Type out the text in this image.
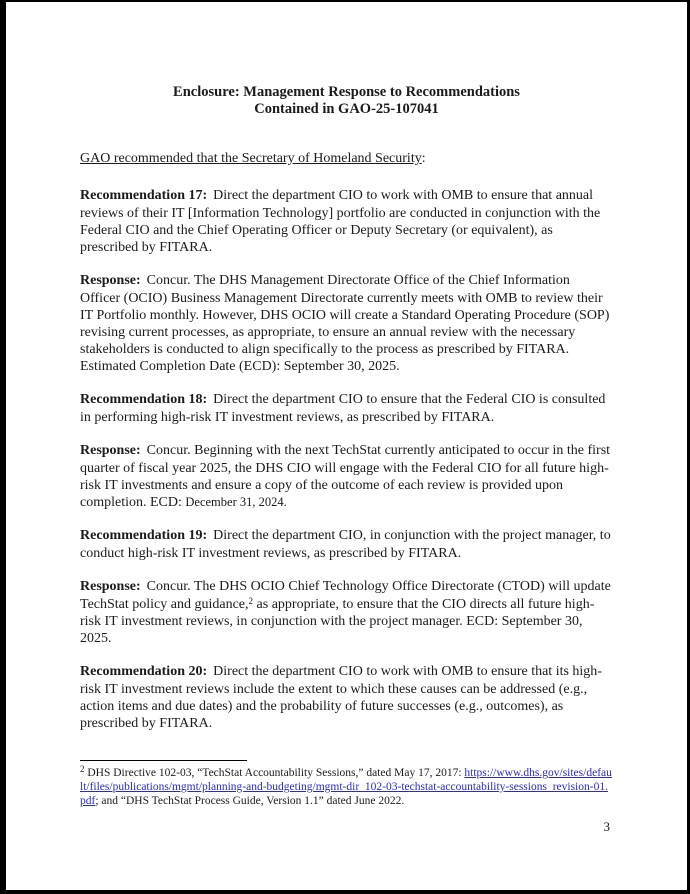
Enclosure: Management Response to Recommendations
Contained in GAO-25-107041

GAO recommended that the Secretary of Homeland Security:

Recommendation 17: Direct the department CIO to work with OMB to ensure that annual reviews of their IT [Information Technology] portfolio are conducted in conjunction with the Federal CIO and the Chief Operating Officer or Deputy Secretary (or equivalent), as prescribed by FITARA.

Response: Concur. The DHS Management Directorate Office of the Chief Information Officer (OCIO) Business Management Directorate currently meets with OMB to review their IT Portfolio monthly. However, DHS OCIO will create a Standard Operating Procedure (SOP) revising current processes, as appropriate, to ensure an annual review with the necessary stakeholders is conducted to align specifically to the process as prescribed by FITARA. Estimated Completion Date (ECD): September 30, 2025.

Recommendation 18: Direct the department CIO to ensure that the Federal CIO is consulted in performing high-risk IT investment reviews, as prescribed by FITARA.

Response: Concur. Beginning with the next TechStat currently anticipated to occur in the first quarter of fiscal year 2025, the DHS CIO will engage with the Federal CIO for all future high-risk IT investments and ensure a copy of the outcome of each review is provided upon completion. ECD: December 31, 2024.

Recommendation 19: Direct the department CIO, in conjunction with the project manager, to conduct high-risk IT investment reviews, as prescribed by FITARA.

Response: Concur. The DHS OCIO Chief Technology Office Directorate (CTOD) will update TechStat policy and guidance,$^2$ as appropriate, to ensure that the CIO directs all future high-risk IT investment reviews, in conjunction with the project manager. ECD: September 30, 2025.

Recommendation 20: Direct the department CIO to work with OMB to ensure that its high-risk IT investment reviews include the extent to which these causes can be addressed (e.g., action items and due dates) and the probability of future successes (e.g., outcomes), as prescribed by FITARA.

$^2$ DHS Directive 102-03, “TechStat Accountability Sessions,” dated May 17, 2017: https://www.dhs.gov/sites/default/files/publications/mgmt/planning-and-budgeting/mgmt-dir_102-03-techstat-accountability-sessions_revision-01.pdf; and “DHS TechStat Process Guide, Version 1.1” dated June 2022.
3
